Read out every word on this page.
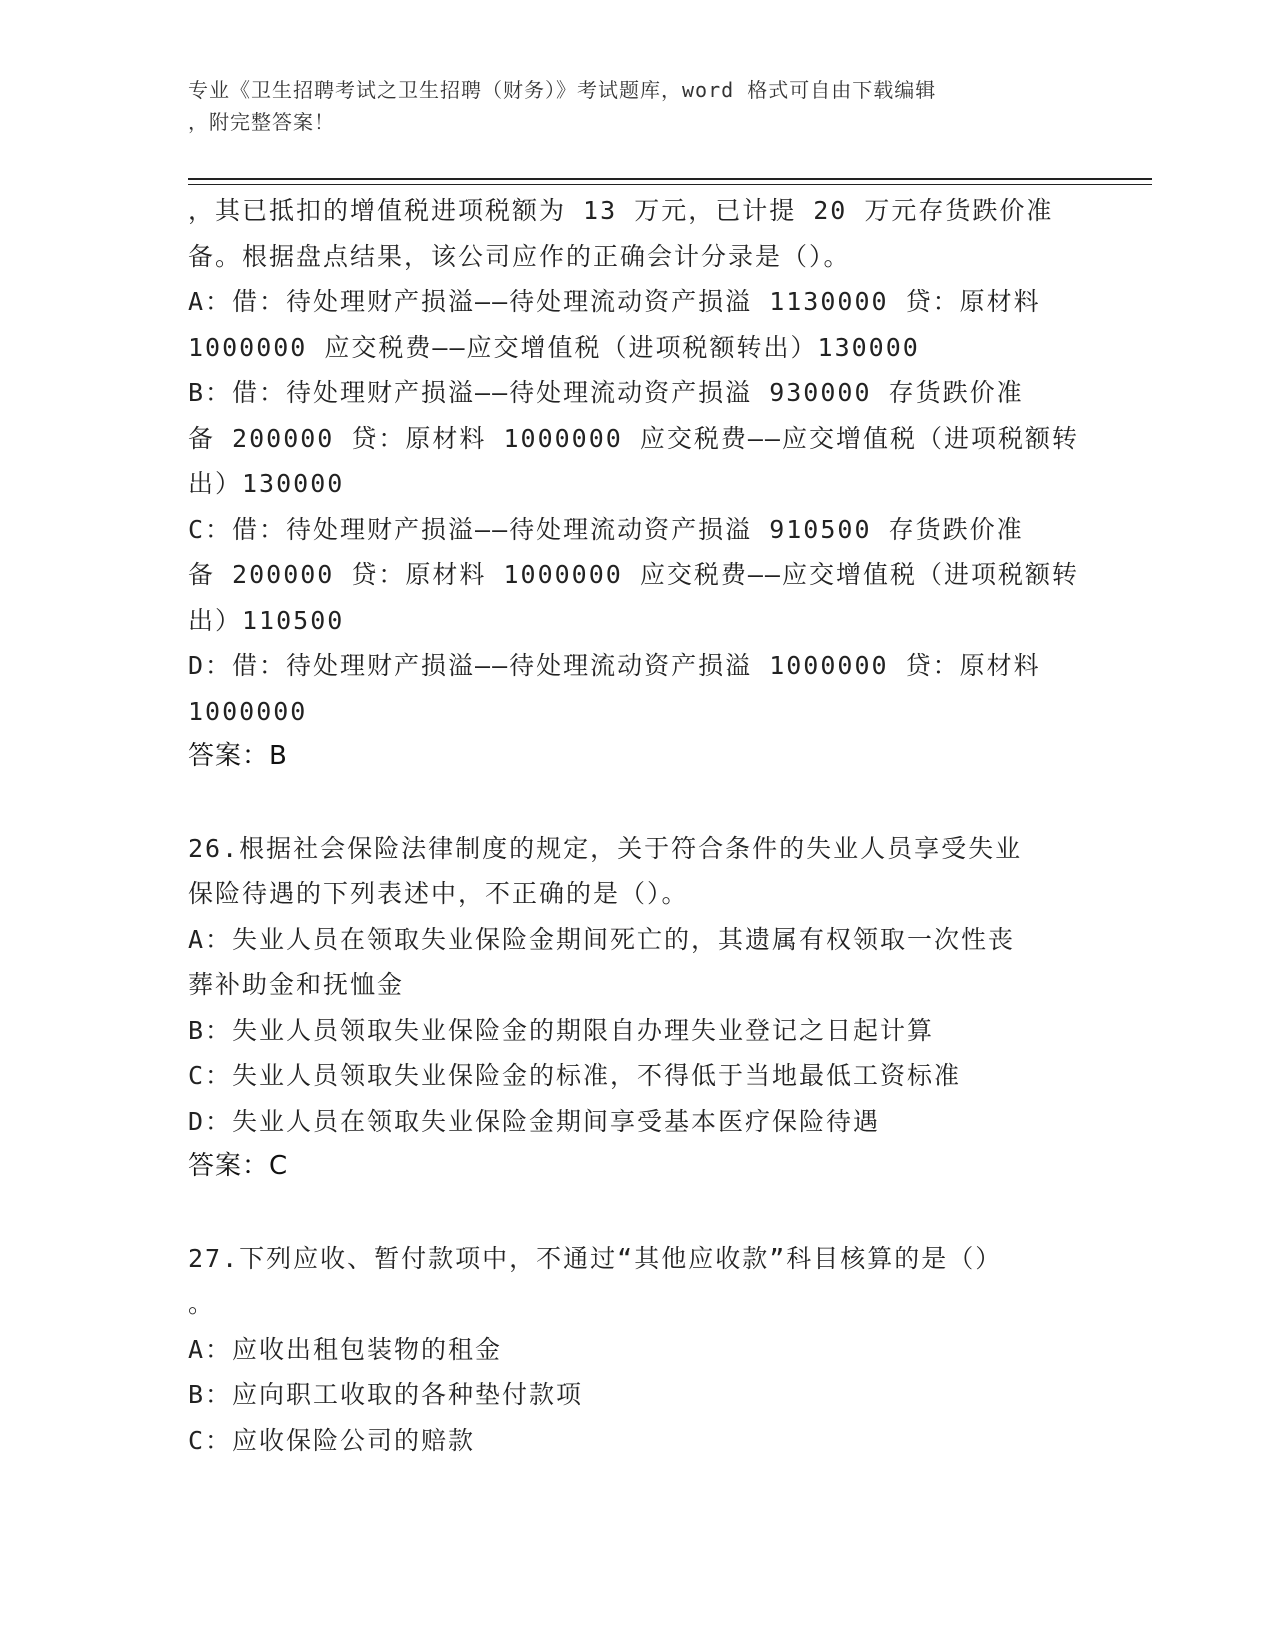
专业《卫生招聘考试之卫生招聘（财务）》考试题库，word 格式可自由下载编辑
，附完整答案！
，其已抵扣的增值税进项税额为 13 万元，已计提 20 万元存货跌价准
备。根据盘点结果，该公司应作的正确会计分录是（）。
A：借：待处理财产损溢——待处理流动资产损溢 1130000 贷：原材料
1000000 应交税费——应交增值税（进项税额转出）130000
B：借：待处理财产损溢——待处理流动资产损溢 930000 存货跌价准
备 200000 贷：原材料 1000000 应交税费——应交增值税（进项税额转
出）130000
C：借：待处理财产损溢——待处理流动资产损溢 910500 存货跌价准
备 200000 贷：原材料 1000000 应交税费——应交增值税（进项税额转
出）110500
D：借：待处理财产损溢——待处理流动资产损溢 1000000 贷：原材料
1000000
答案：B
26.根据社会保险法律制度的规定，关于符合条件的失业人员享受失业
保险待遇的下列表述中，不正确的是（）。
A：失业人员在领取失业保险金期间死亡的，其遗属有权领取一次性丧
葬补助金和抚恤金
B：失业人员领取失业保险金的期限自办理失业登记之日起计算
C：失业人员领取失业保险金的标准，不得低于当地最低工资标准
D：失业人员在领取失业保险金期间享受基本医疗保险待遇
答案：C
27.下列应收、暂付款项中，不通过“其他应收款”科目核算的是（）
。
A：应收出租包装物的租金
B：应向职工收取的各种垫付款项
C：应收保险公司的赔款
